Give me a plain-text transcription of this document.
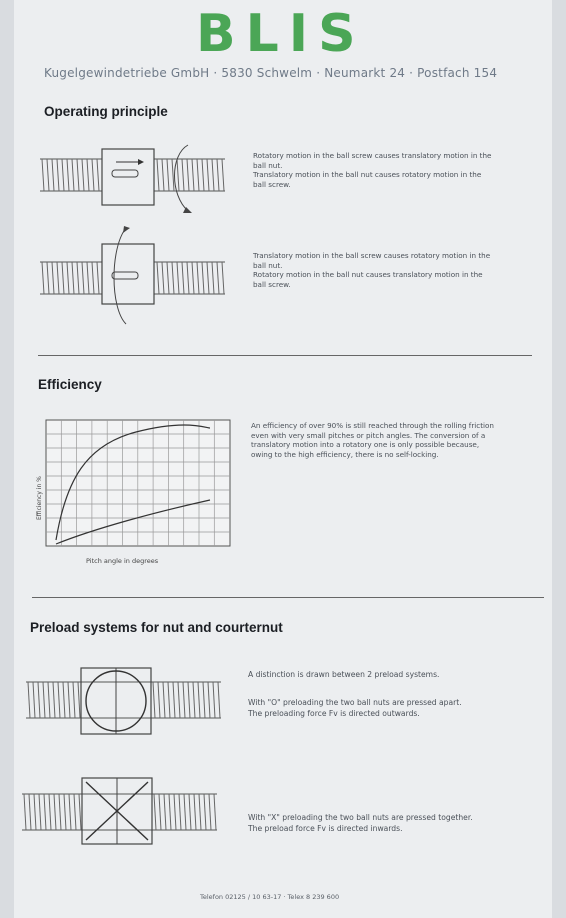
BLIS
Kugelgewindetriebe GmbH · 5830 Schwelm · Neumarkt 24 · Postfach 154
Operating principle
Rotatory motion in the ball screw causes translatory motion in the
ball nut.
Translatory motion in the ball nut causes rotatory motion in the
ball screw.
Translatory motion in the ball screw causes rotatory motion in the
ball nut.
Rotatory motion in the ball nut causes translatory motion in the
ball screw.
Efficiency
Efficiency in %
Pitch angle in degrees
An efficiency of over 90% is still reached through the rolling friction
even with very small pitches or pitch angles. The conversion of a
translatory motion into a rotatory one is only possible because,
owing to the high efficiency, there is no self-locking.
Preload systems for nut and courternut
A distinction is drawn between 2 preload systems.
With "O" preloading the two ball nuts are pressed apart.
The preloading force Fv is directed outwards.
With "X" preloading the two ball nuts are pressed together.
The preload force Fv is directed inwards.
Telefon 02125 / 10 63-17 · Telex 8 239 600
